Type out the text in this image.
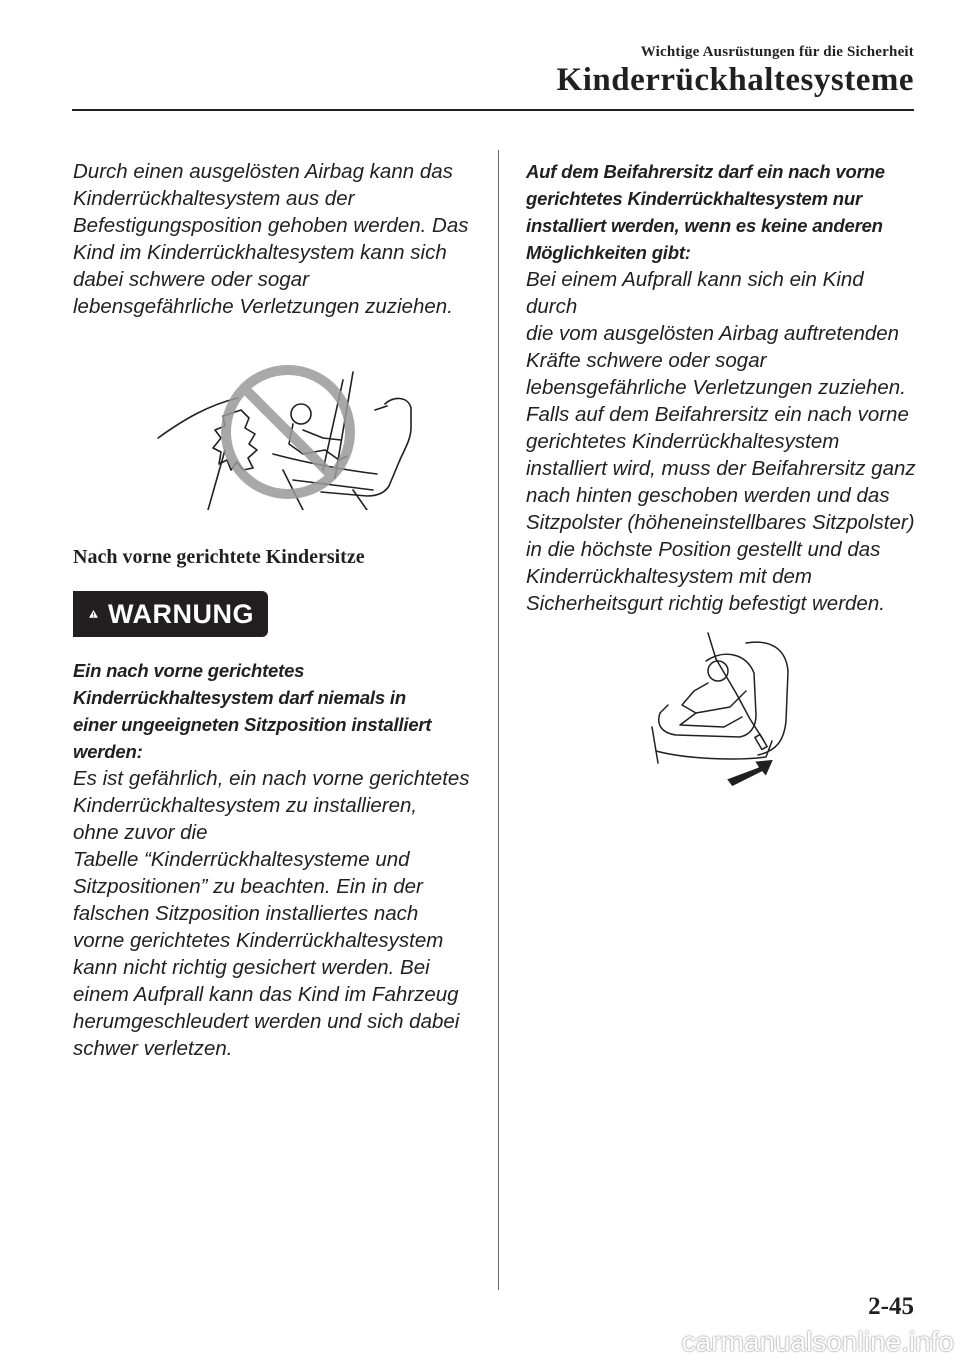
Wichtige Ausrüstungen für die Sicherheit
Kinderrückhaltesysteme

Durch einen ausgelösten Airbag kann das

Kinderrückhaltesystem aus der

Befestigungsposition gehoben werden. Das

Kind im Kinderrückhaltesystem kann sich

dabei schwere oder sogar

lebensgefährliche Verletzungen zuziehen.

Nach vorne gerichtete Kindersitze
WARNUNG

Ein nach vorne gerichtetes

Kinderrückhaltesystem darf niemals in

einer ungeeigneten Sitzposition installiert

werden:

Es ist gefährlich, ein nach vorne gerichtetes

Kinderrückhaltesystem zu installieren,

ohne zuvor die

Tabelle “Kinderrückhaltesysteme und

Sitzpositionen” zu beachten. Ein in der

falschen Sitzposition installiertes nach

vorne gerichtetes Kinderrückhaltesystem

kann nicht richtig gesichert werden. Bei

einem Aufprall kann das Kind im Fahrzeug

herumgeschleudert werden und sich dabei

schwer verletzen.

Auf dem Beifahrersitz darf ein nach vorne

gerichtetes Kinderrückhaltesystem nur

installiert werden, wenn es keine anderen

Möglichkeiten gibt:

Bei einem Aufprall kann sich ein Kind durch

die vom ausgelösten Airbag auftretenden

Kräfte schwere oder sogar

lebensgefährliche Verletzungen zuziehen.

Falls auf dem Beifahrersitz ein nach vorne

gerichtetes Kinderrückhaltesystem

installiert wird, muss der Beifahrersitz ganz

nach hinten geschoben werden und das

Sitzpolster (höheneinstellbares Sitzpolster)

in die höchste Position gestellt und das

Kinderrückhaltesystem mit dem

Sicherheitsgurt richtig befestigt werden.

2-45
carmanualsonline.info
